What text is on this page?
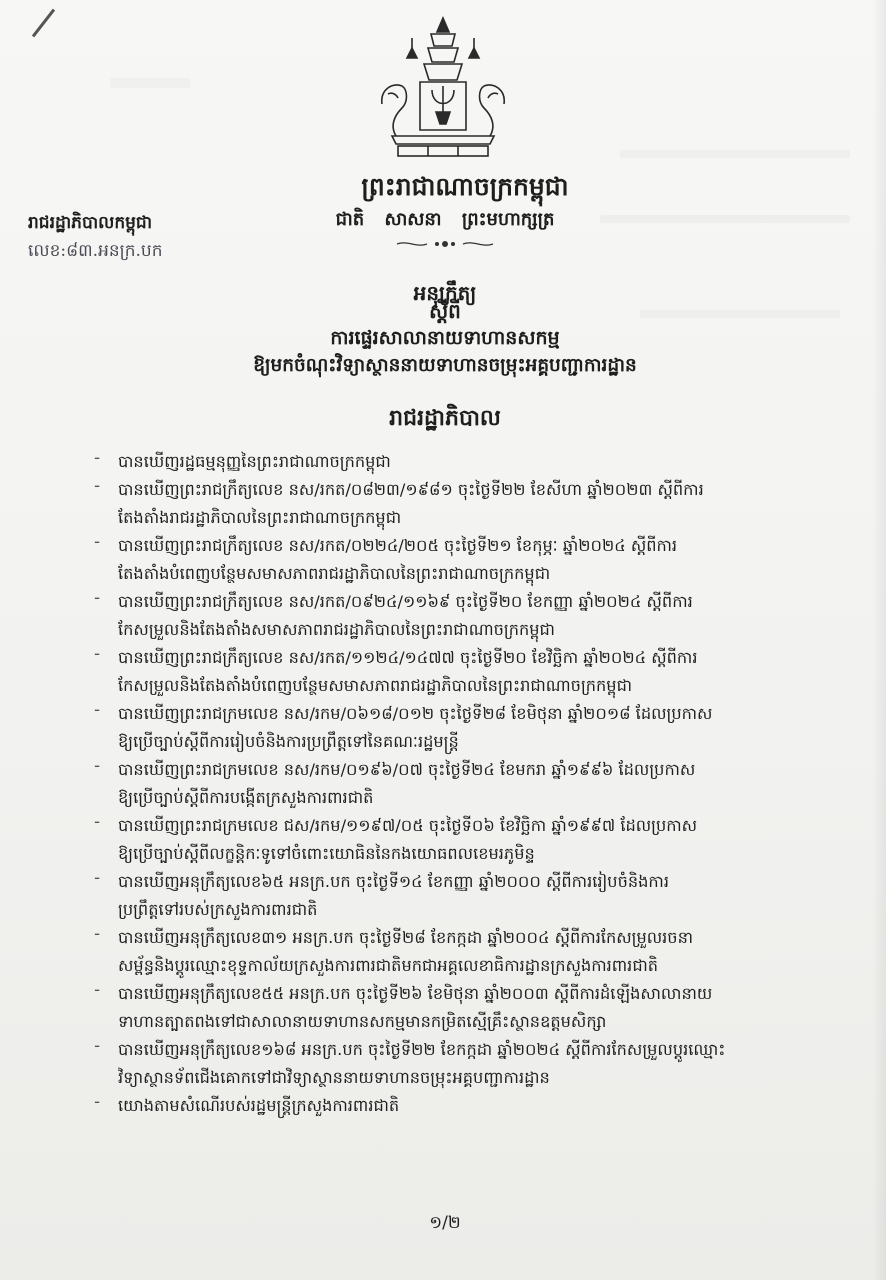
ព្រះរាជាណាចក្រកម្ពុជា
ជាតិ សាសនា ព្រះមហាក្សត្រ
រាជរដ្ឋាភិបាលកម្ពុជា
លេខ:៨៣.អនក្រ.បក
អនុក្រឹត្យ
ស្តីពី
ការផ្ទេរសាលានាយទាហានសកម្ម
ឱ្យមកចំណុះវិទ្យាស្ថាននាយទាហានចម្រុះអគ្គបញ្ជាការដ្ឋាន
រាជរដ្ឋាភិបាល
- បានឃើញរដ្ឋធម្មនុញ្ញនៃព្រះរាជាណាចក្រកម្ពុជា
- បានឃើញព្រះរាជក្រឹត្យលេខ នស/រកត/០៨២៣/១៩៨១ ចុះថ្ងៃទី២២ ខែសីហា ឆ្នាំ២០២៣ ស្តីពីការ
តែងតាំងរាជរដ្ឋាភិបាលនៃព្រះរាជាណាចក្រកម្ពុជា
- បានឃើញព្រះរាជក្រឹត្យលេខ នស/រកត/០២២៤/២០៥ ចុះថ្ងៃទី២១ ខែកុម្ភៈ ឆ្នាំ២០២៤ ស្តីពីការ
តែងតាំងបំពេញបន្ថែមសមាសភាពរាជរដ្ឋាភិបាលនៃព្រះរាជាណាចក្រកម្ពុជា
- បានឃើញព្រះរាជក្រឹត្យលេខ នស/រកត/០៩២៤/១១៦៩ ចុះថ្ងៃទី២០ ខែកញ្ញា ឆ្នាំ២០២៤ ស្តីពីការ
កែសម្រួលនិងតែងតាំងសមាសភាពរាជរដ្ឋាភិបាលនៃព្រះរាជាណាចក្រកម្ពុជា
- បានឃើញព្រះរាជក្រឹត្យលេខ នស/រកត/១១២៤/១៤៧៧ ចុះថ្ងៃទី២០ ខែវិច្ឆិកា ឆ្នាំ២០២៤ ស្តីពីការ
កែសម្រួលនិងតែងតាំងបំពេញបន្ថែមសមាសភាពរាជរដ្ឋាភិបាលនៃព្រះរាជាណាចក្រកម្ពុជា
- បានឃើញព្រះរាជក្រមលេខ នស/រកម/០៦១៨/០១២ ចុះថ្ងៃទី២៨ ខែមិថុនា ឆ្នាំ២០១៨ ដែលប្រកាស
ឱ្យប្រើច្បាប់ស្តីពីការរៀបចំនិងការប្រព្រឹត្តទៅនៃគណៈរដ្ឋមន្ត្រី
- បានឃើញព្រះរាជក្រមលេខ នស/រកម/០១៩៦/០៧ ចុះថ្ងៃទី២៤ ខែមករា ឆ្នាំ១៩៩៦ ដែលប្រកាស
ឱ្យប្រើច្បាប់ស្តីពីការបង្កើតក្រសួងការពារជាតិ
- បានឃើញព្រះរាជក្រមលេខ ជស/រកម/១១៩៧/០៥ ចុះថ្ងៃទី០៦ ខែវិច្ឆិកា ឆ្នាំ១៩៩៧ ដែលប្រកាស
ឱ្យប្រើច្បាប់ស្តីពីលក្ខន្តិកៈទូទៅចំពោះយោធិននៃកងយោធពលខេមរភូមិន្ទ
- បានឃើញអនុក្រឹត្យលេខ៦៥ អនក្រ.បក ចុះថ្ងៃទី១៤ ខែកញ្ញា ឆ្នាំ២០០០ ស្តីពីការរៀបចំនិងការ
ប្រព្រឹត្តទៅរបស់ក្រសួងការពារជាតិ
- បានឃើញអនុក្រឹត្យលេខ៣១ អនក្រ.បក ចុះថ្ងៃទី២៨ ខែកក្កដា ឆ្នាំ២០០៤ ស្តីពីការកែសម្រួលរចនា
សម្ព័ន្ធនិងប្តូរឈ្មោះខុទ្ទកាល័យក្រសួងការពារជាតិមកជាអគ្គលេខាធិការដ្ឋានក្រសួងការពារជាតិ
- បានឃើញអនុក្រឹត្យលេខ៥៥ អនក្រ.បក ចុះថ្ងៃទី២៦ ខែមិថុនា ឆ្នាំ២០០៣ ស្តីពីការដំឡើងសាលានាយ
ទាហានត្បាតពងទៅជាសាលានាយទាហានសកម្មមានកម្រិតស្មើគ្រឹះស្ថានឧត្តមសិក្សា
- បានឃើញអនុក្រឹត្យលេខ១៦៨ អនក្រ.បក ចុះថ្ងៃទី២២ ខែកក្កដា ឆ្នាំ២០២៤ ស្តីពីការកែសម្រួលប្តូរឈ្មោះ
វិទ្យាស្ថានទ័ពជើងគោកទៅជាវិទ្យាស្ថាននាយទាហានចម្រុះអគ្គបញ្ជាការដ្ឋាន
- យោងតាមសំណើរបស់រដ្ឋមន្ត្រីក្រសួងការពារជាតិ
១/២
